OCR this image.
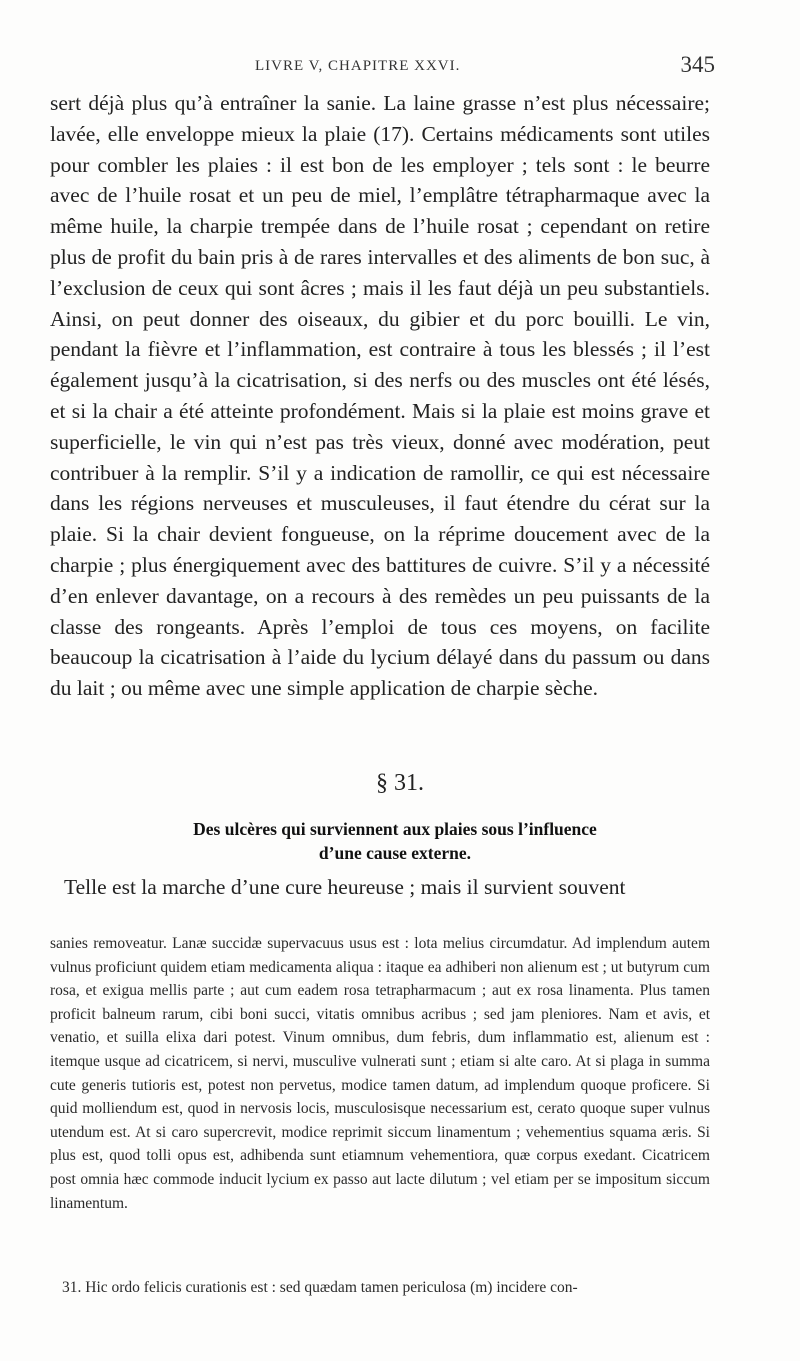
LIVRE V, CHAPITRE XXVI.	345

sert déjà plus qu’à entraîner la sanie. La laine grasse n’est plus nécessaire; lavée, elle enveloppe mieux la plaie (17). Certains médicaments sont utiles pour combler les plaies : il est bon de les employer ; tels sont : le beurre avec de l’huile rosat et un peu de miel, l’emplâtre tétrapharmaque avec la même huile, la charpie trempée dans de l’huile rosat ; cependant on retire plus de profit du bain pris à de rares intervalles et des aliments de bon suc, à l’exclusion de ceux qui sont âcres ; mais il les faut déjà un peu substantiels. Ainsi, on peut donner des oiseaux, du gibier et du porc bouilli. Le vin, pendant la fièvre et l’inflammation, est contraire à tous les blessés ; il l’est également jusqu’à la cicatrisation, si des nerfs ou des muscles ont été lésés, et si la chair a été atteinte profondément. Mais si la plaie est moins grave et superficielle, le vin qui n’est pas très vieux, donné avec modération, peut contribuer à la remplir. S’il y a indication de ramollir, ce qui est nécessaire dans les régions nerveuses et musculeuses, il faut étendre du cérat sur la plaie. Si la chair devient fongueuse, on la réprime doucement avec de la charpie ; plus énergiquement avec des battitures de cuivre. S’il y a nécessité d’en enlever davantage, on a recours à des remèdes un peu puissants de la classe des rongeants. Après l’emploi de tous ces moyens, on facilite beaucoup la cicatrisation à l’aide du lycium délayé dans du passum ou dans du lait ; ou même avec une simple application de charpie sèche.

§ 31.
Des ulcères qui surviennent aux plaies sous l’influence
d’une cause externe.

Telle est la marche d’une cure heureuse ; mais il survient souvent

sanies removeatur. Lanæ succidæ supervacuus usus est : lota melius circumdatur. Ad implendum autem vulnus proficiunt quidem etiam medicamenta aliqua : itaque ea adhiberi non alienum est ; ut butyrum cum rosa, et exigua mellis parte ; aut cum eadem rosa tetrapharmacum ; aut ex rosa linamenta. Plus tamen proficit balneum rarum, cibi boni succi, vitatis omnibus acribus ; sed jam pleniores. Nam et avis, et venatio, et suilla elixa dari potest. Vinum omnibus, dum febris, dum inflammatio est, alienum est : itemque usque ad cicatricem, si nervi, musculive vulnerati sunt ; etiam si alte caro. At si plaga in summa cute generis tutioris est, potest non pervetus, modice tamen datum, ad implendum quoque proficere. Si quid molliendum est, quod in nervosis locis, musculosisque necessarium est, cerato quoque super vulnus utendum est. At si caro supercrevit, modice reprimit siccum linamentum ; vehementius squama æris. Si plus est, quod tolli opus est, adhibenda sunt etiamnum vehementiora, quæ corpus exedant. Cicatricem post omnia hæc commode inducit lycium ex passo aut lacte dilutum ; vel etiam per se impositum siccum linamentum.

31. Hic ordo felicis curationis est : sed quædam tamen periculosa (m) incidere con-
